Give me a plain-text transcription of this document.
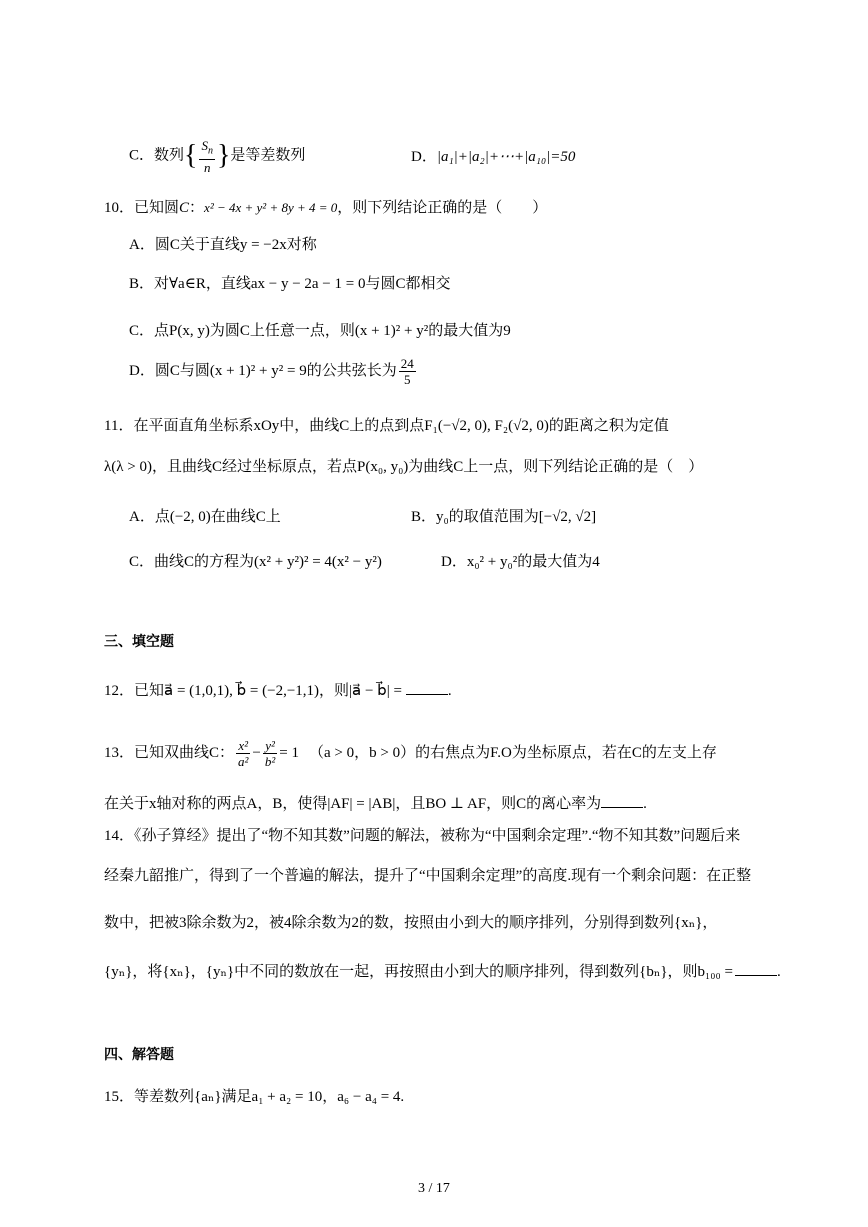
C．数列{ $\frac{S_n}{n}$ }是等差数列	D．|a₁|+|a₂|+⋯+|a₁₀|=50
10．已知圆C：x² − 4x + y² + 8y + 4 = 0，则下列结论正确的是（　　）
A．圆C关于直线y = −2x对称
B．对∀a∈R，直线ax − y − 2a − 1 = 0与圆C都相交
C．点P(x, y)为圆C上任意一点，则(x + 1)² + y²的最大值为9
D．圆C与圆(x + 1)² + y² = 9的公共弦长为 $\frac{24}{5}$
11．在平面直角坐标系xOy中，曲线C上的点到点F₁(−√2, 0), F₂(√2, 0)的距离之积为定值
λ(λ > 0)，且曲线C经过坐标原点，若点P(x₀, y₀)为曲线C上一点，则下列结论正确的是（　）
A．点(−2, 0)在曲线C上	B．y₀的取值范围为[−√2, √2]
C．曲线C的方程为(x² + y²)² = 4(x² − y²)	D．x₀² + y₀²的最大值为4
三、填空题
12．已知a⃗ = (1,0,1), b⃗ = (−2,−1,1)，则|a⃗ − b⃗| =	.
13．已知双曲线C： $\frac{\text{x²}}{\text{a²}} - \frac{\text{y²}}{\text{b²}} = 1$ （a > 0，b > 0）的右焦点为F.O为坐标原点，若在C的左支上存
在关于x轴对称的两点A，B，使得|AF| = |AB|，且BO ⊥ AF，则C的离心率为	.
14．《孙子算经》提出了“物不知其数”问题的解法，被称为“中国剩余定理”.“物不知其数”问题后来
经秦九韶推广，得到了一个普遍的解法，提升了“中国剩余定理”的高度.现有一个剩余问题：在正整
数中，把被3除余数为2，被4除余数为2的数，按照由小到大的顺序排列，分别得到数列{xₙ}，
{yₙ}，将{xₙ}，{yₙ}中不同的数放在一起，再按照由小到大的顺序排列，得到数列{bₙ}，则b₁₀₀ =	.
四、解答题
15．等差数列{aₙ}满足a₁ + a₂ = 10，a₆ − a₄ = 4.
3 / 17
